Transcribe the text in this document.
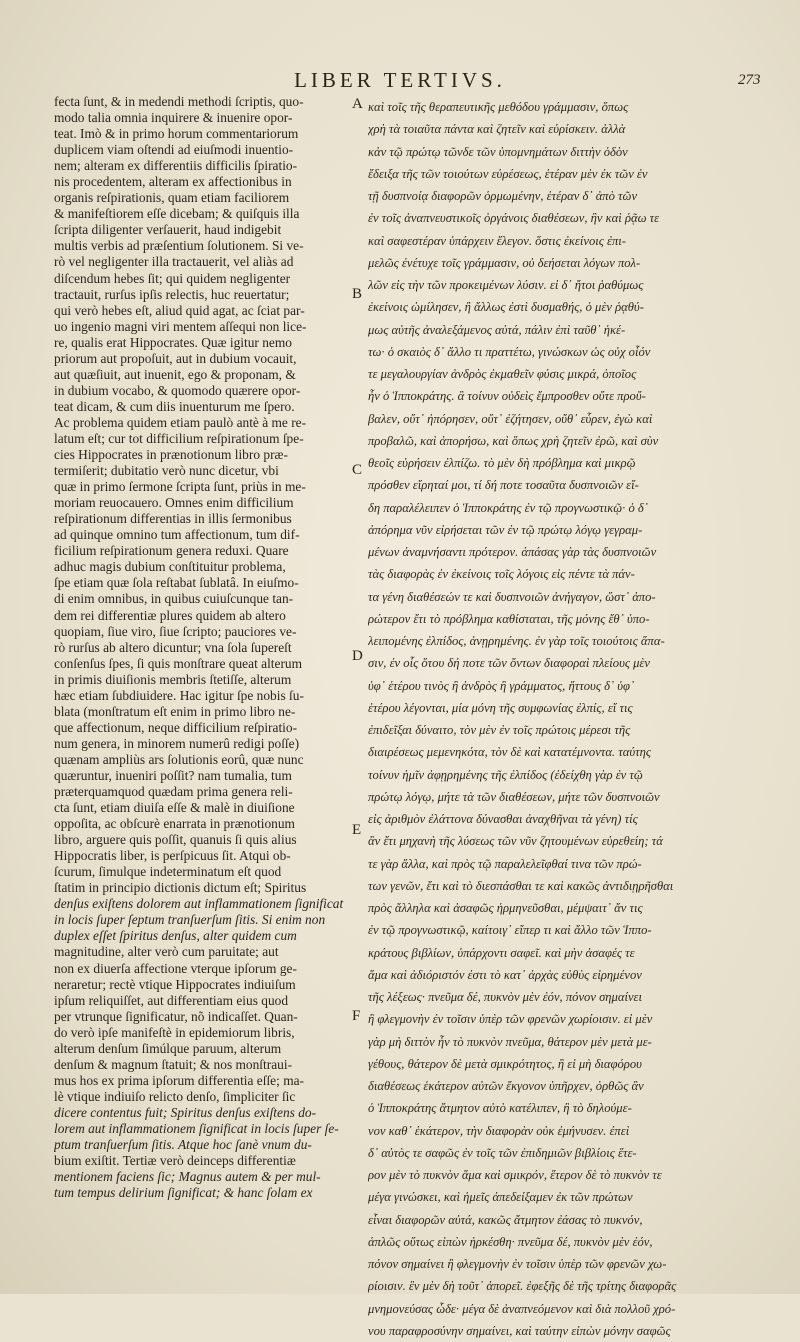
LIBER TERTIVS.	273
fecta ſunt, & in medendi methodi ſcriptis, quo-
modo talia omnia inquirere & inuenire opor-
teat. Imò & in primo horum commentariorum
duplicem viam oſtendi ad eiuſmodi inuentio-
nem; alteram ex differentiis difficilis ſpiratio-
nis procedentem, alteram ex affectionibus in
organis reſpirationis, quam etiam faciliorem
& manifeſtiorem eſſe dicebam; & quiſquis illa
ſcripta diligenter verſauerit, haud indigebit
multis verbis ad præſentium ſolutionem. Si ve-
rò vel negligenter illa tractauerit, vel aliàs ad
diſcendum hebes ſit; qui quidem negligenter
tractauit, rurſus ipſis relectis, huc reuertatur;
qui verò hebes eſt, aliud quid agat, ac ſciat par-
uo ingenio magni viri mentem aſſequi non lice-
re, qualis erat Hippocrates. Quæ igitur nemo
priorum aut propoſuit, aut in dubium vocauit,
aut quæſiuit, aut inuenit, ego & proponam, &
in dubium vocabo, & quomodo quærere opor-
teat dicam, & cum diis inuenturum me ſpero.
Ac problema quidem etiam paulò antè à me re-
latum eſt; cur tot difficilium reſpirationum ſpe-
cies Hippocrates in prænotionum libro præ-
termiſerit; dubitatio verò nunc dicetur, vbi
quæ in primo ſermone ſcripta ſunt, priùs in me-
moriam reuocauero. Omnes enim difficilium
reſpirationum differentias in illis ſermonibus
ad quinque omnino tum affectionum, tum dif-
ficilium reſpirationum genera reduxi. Quare
adhuc magis dubium conſtituitur problema,
ſpe etiam quæ ſola reſtabat ſublatâ. In eiuſmo-
di enim omnibus, in quibus cuiuſcunque tan-
dem rei differentiæ plures quidem ab altero
quopiam, ſiue viro, ſiue ſcripto; pauciores ve-
rò rurſus ab altero dicuntur; vna ſola ſupereſt
conſenſus ſpes, ſi quis monſtrare queat alterum
in primis diuiſionis membris ſtetiſſe, alterum
hæc etiam ſubdiuidere. Hac igitur ſpe nobis ſu-
blata (monſtratum eſt enim in primo libro ne-
que affectionum, neque difficilium reſpiratio-
num genera, in minorem numerû redigi poſſe)
quænam ampliùs ars ſolutionis eorû, quæ nunc
quæruntur, inueniri poſſit? nam tumalia, tum
præterquamquod quædam prima genera reli-
cta ſunt, etiam diuiſa eſſe & malè in diuiſione
oppoſita, ac obſcurè enarrata in prænotionum
libro, arguere quis poſſit, quanuis ſi quis alius
Hippocratis liber, is perſpicuus ſit. Atqui ob-
ſcurum, ſimulque indeterminatum eſt quod
ſtatim in principio dictionis dictum eſt; Spiritus
denſus exiſtens dolorem aut inflammationem ſignificat
in locis ſuper ſeptum tranſuerſum ſitis. Si enim non
duplex eſſet ſpiritus denſus, alter quidem cum
magnitudine, alter verò cum paruitate; aut
non ex diuerſa affectione vterque ipſorum ge-
neraretur; rectè vtique Hippocrates indiuiſum
ipſum reliquiſſet, aut differentiam eius quod
per vtrunque ſignificatur, nõ indicaſſet. Quan-
do verò ipſe manifeſtè in epidemiorum libris,
alterum denſum ſimúlque paruum, alterum
denſum & magnum ſtatuit; & nos monſtraui-
mus hos ex prima ipſorum differentia eſſe; ma-
lè vtique indiuiſo relicto denſo, ſimpliciter ſic
dicere contentus fuit; Spiritus denſus exiſtens do-
lorem aut inflammationem ſignificat in locis ſuper ſe-
ptum tranſuerſum ſitis. Atque hoc ſanè vnum du-
bium exiſtit. Tertiæ verò deinceps differentiæ
mentionem faciens ſic; Magnus autem & per mul-
tum tempus delirium ſignificat; & hanc ſolam ex
A
B
C
D
E
F
καὶ τοῖς τῆς θεραπευτικῆς μεθόδου γράμμασιν, ὅπως
χρὴ τὰ τοιαῦτα πάντα καὶ ζητεῖν καὶ εὑρίσκειν. ἀλλὰ
κἀν τῷ πρώτῳ τῶνδε τῶν ὑπομνημάτων διττὴν ὁδὸν
ἔδειξα τῆς τῶν τοιούτων εὑρέσεως, ἑτέραν μὲν ἐκ τῶν ἐν
τῇ δυσπνοίᾳ διαφορῶν ὁρμωμένην, ἑτέραν δ᾽ ἀπὸ τῶν
ἐν τοῖς ἀναπνευστικοῖς ὀργάνοις διαθέσεων, ἣν καὶ ῥᾷω τε
καὶ σαφεστέραν ὑπάρχειν ἔλεγον. ὅστις ἐκείνοις ἐπι-
μελῶς ἐνέτυχε τοῖς γράμμασιν, οὐ δεήσεται λόγων πολ-
λῶν εἰς τὴν τῶν προκειμένων λύσιν. εἰ δ᾽ ἤτοι ῥαθύμως
ἐκείνοις ὡμίλησεν, ἢ ἄλλως ἐστὶ δυσμαθής, ὁ μὲν ῥᾳθύ-
μως αὐτῆς ἀναλεξάμενος αὐτά, πάλιν ἐπὶ ταῦθ᾽ ἡκέ-
τω· ὁ σκαιὸς δ᾽ ἄλλο τι πραττέτω, γινώσκων ὡς οὐχ οἷόν
τε μεγαλουργίαν ἀνδρὸς ἐκμαθεῖν φύσις μικρά, ὁποῖος
ἦν ὁ Ἱπποκράτης. ἃ τοίνυν οὐδεὶς ἔμπροσθεν οὔτε προὔ-
βαλεν, οὔτ᾽ ἠπόρησεν, οὔτ᾽ ἐζήτησεν, οὔθ᾽ εὗρεν, ἐγὼ καὶ
προβαλῶ, καὶ ἀπορήσω, καὶ ὅπως χρὴ ζητεῖν ἐρῶ, καὶ σὺν
θεοῖς εὑρήσειν ἐλπίζω. τὸ μὲν δὴ πρόβλημα καὶ μικρῷ
πρόσθεν εἴρηταί μοι, τί δή ποτε τοσαῦτα δυσπνοιῶν εἴ-
δη παραλέλειπεν ὁ Ἱπποκράτης ἐν τῷ προγνωστικῷ· ὁ δ᾽
ἀπόρημα νῦν εἰρήσεται τῶν ἐν τῷ πρώτῳ λόγῳ γεγραμ-
μένων ἀναμνήσαντι πρότερον. ἁπάσας γὰρ τὰς δυσπνοιῶν
τὰς διαφορὰς ἐν ἐκείνοις τοῖς λόγοις εἰς πέντε τὰ πάν-
τα γένη διαθέσεών τε καὶ δυσπνοιῶν ἀνήγαγον, ὥστ᾽ ἀπο-
ρώτερον ἔτι τὸ πρόβλημα καθίσταται, τῆς μόνης ἔθ᾽ ὑπο-
λειπομένης ἐλπίδος, ἀνῃρημένης. ἐν γὰρ τοῖς τοιούτοις ἅπα-
σιν, ἐν οἷς ὅτου δή ποτε τῶν ὄντων διαφοραὶ πλείους μὲν
ὑφ᾽ ἑτέρου τινὸς ἢ ἀνδρὸς ἢ γράμματος, ἥττους δ᾽ ὑφ᾽
ἑτέρου λέγονται, μία μόνη τῆς συμφωνίας ἐλπίς, εἴ τις
ἐπιδεῖξαι δύναιτο, τὸν μὲν ἐν τοῖς πρώτοις μέρεσι τῆς
διαιρέσεως μεμενηκότα, τὸν δὲ καὶ κατατέμνοντα. ταύτης
τοίνυν ἡμῖν ἀφῃρημένης τῆς ἐλπίδος (ἐδείχθη γὰρ ἐν τῷ
πρώτῳ λόγῳ, μήτε τὰ τῶν διαθέσεων, μήτε τῶν δυσπνοιῶν
εἰς ἀριθμὸν ἐλάττονα δύνασθαι ἀναχθῆναι τὰ γένη) τίς
ἂν ἔτι μηχανὴ τῆς λύσεως τῶν νῦν ζητουμένων εὑρεθείη; τά
τε γὰρ ἄλλα, καὶ πρὸς τῷ παραλελεῖφθαί τινα τῶν πρώ-
των γενῶν, ἔτι καὶ τὸ διεσπάσθαι τε καὶ κακῶς ἀντιδιῃρῆσθαι
πρὸς ἄλληλα καὶ ἀσαφῶς ἡρμηνεῦσθαι, μέμψαιτ᾽ ἄν τις
ἐν τῷ προγνωστικῷ, καίτοιγ᾽ εἴπερ τι καὶ ἄλλο τῶν Ἱππο-
κράτους βιβλίων, ὑπάρχοντι σαφεῖ. καὶ μὴν ἀσαφές τε
ἅμα καὶ ἀδιόριστόν ἐστι τὸ κατ᾽ ἀρχὰς εὐθὺς εἰρημένον
τῆς λέξεως· πνεῦμα δέ, πυκνὸν μὲν ἐόν, πόνον σημαίνει
ἢ φλεγμονὴν ἐν τοῖσιν ὑπὲρ τῶν φρενῶν χωρίοισιν. εἰ μὲν
γὰρ μὴ διττὸν ἦν τὸ πυκνὸν πνεῦμα, θάτερον μὲν μετὰ με-
γέθους, θάτερον δὲ μετὰ σμικρότητος, ἢ εἰ μὴ διαφόρου
διαθέσεως ἑκάτερον αὐτῶν ἔκγονον ὑπῆρχεν, ὀρθῶς ἂν
ὁ Ἱπποκράτης ἄτμητον αὐτὸ κατέλιπεν, ἢ τὸ δηλούμε-
νον καθ᾽ ἑκάτερον, τὴν διαφορὰν οὐκ ἐμήνυσεν. ἐπεὶ
δ᾽ αὐτὸς τε σαφῶς ἐν τοῖς τῶν ἐπιδημιῶν βιβλίοις ἕτε-
ρον μὲν τὸ πυκνὸν ἅμα καὶ σμικρόν, ἕτερον δὲ τὸ πυκνὸν τε
μέγα γινώσκει, καὶ ἡμεῖς ἀπεδείξαμεν ἐκ τῶν πρώτων
εἶναι διαφορῶν αὐτά, κακῶς ἄτμητον ἐάσας τὸ πυκνόν,
ἁπλῶς οὕτως εἰπὼν ἠρκέσθη· πνεῦμα δέ, πυκνὸν μὲν ἐόν,
πόνον σημαίνει ἢ φλεγμονὴν ἐν τοῖσιν ὑπὲρ τῶν φρενῶν χω-
ρίοισιν. ἓν μὲν δὴ τοῦτ᾽ ἀπορεῖ. ἐφεξῆς δὲ τῆς τρίτης διαφορᾶς
μνημονεύσας ὧδε· μέγα δὲ ἀναπνεόμενον καὶ διὰ πολλοῦ χρό-
νου παραφροσύνην σημαίνει, καὶ ταύτην εἰπὼν μόνην σαφῶς
